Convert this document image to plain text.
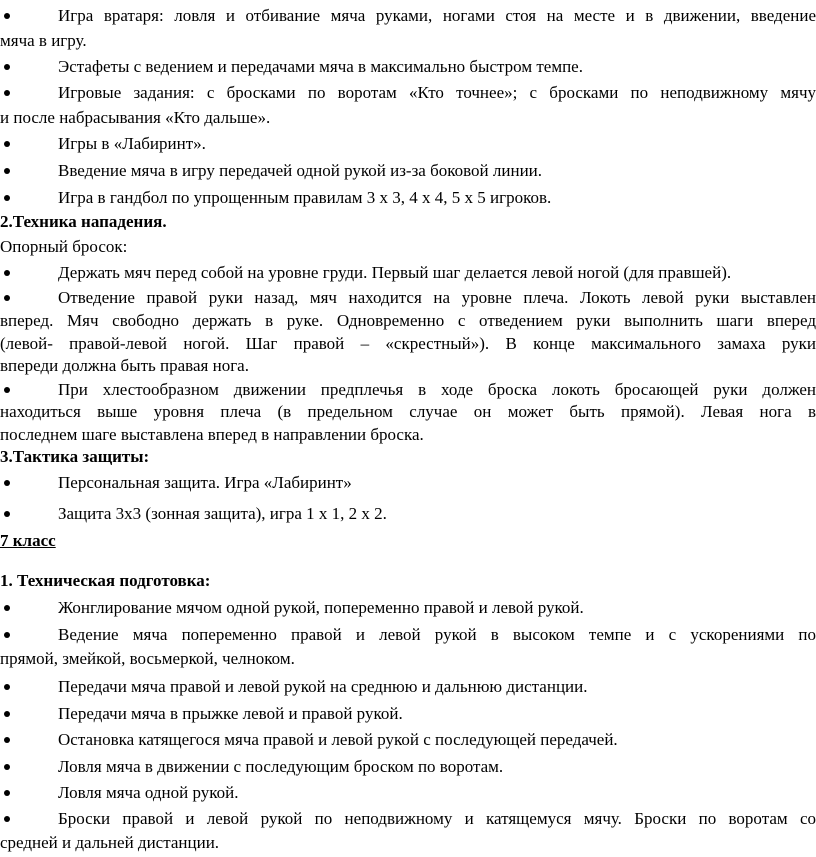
Игра вратаря: ловля и отбивание мяча руками, ногами стоя на месте и в движении, введение
мяча в игру.
Эстафеты с ведением и передачами мяча в максимально быстром темпе.
Игровые задания: с бросками по воротам «Кто точнее»; с бросками по неподвижному мячу
и после набрасывания «Кто дальше».
Игры в «Лабиринт».
Введение мяча в игру передачей одной рукой из-за боковой линии.
Игра в гандбол по упрощенным правилам 3 х 3, 4 х 4, 5 х 5 игроков.
2.Техника нападения.
Опорный бросок:
Держать мяч перед собой на уровне груди. Первый шаг делается левой ногой (для правшей).
Отведение правой руки назад, мяч находится на уровне плеча. Локоть левой руки выставлен
вперед. Мяч свободно держать в руке. Одновременно с отведением руки выполнить шаги вперед
(левой- правой-левой ногой. Шаг правой – «скрестный»). В конце максимального замаха руки
впереди должна быть правая нога.
При хлестообразном движении предплечья в ходе броска локоть бросающей руки должен
находиться выше уровня плеча (в предельном случае он может быть прямой). Левая нога в
последнем шаге выставлена вперед в направлении броска.
3.Тактика защиты:
Персональная защита. Игра «Лабиринт»
Защита 3х3 (зонная защита), игра 1 х 1, 2 х 2.
7 класс
1. Техническая подготовка:
Жонглирование мячом одной рукой, попеременно правой и левой рукой.
Ведение мяча попеременно правой и левой рукой в высоком темпе и с ускорениями по
прямой, змейкой, восьмеркой, челноком.
Передачи мяча правой и левой рукой на среднюю и дальнюю дистанции.
Передачи мяча в прыжке левой и правой рукой.
Остановка катящегося мяча правой и левой рукой с последующей передачей.
Ловля мяча в движении с последующим броском по воротам.
Ловля мяча одной рукой.
Броски правой и левой рукой по неподвижному и катящемуся мячу. Броски по воротам со
средней и дальней дистанции.
